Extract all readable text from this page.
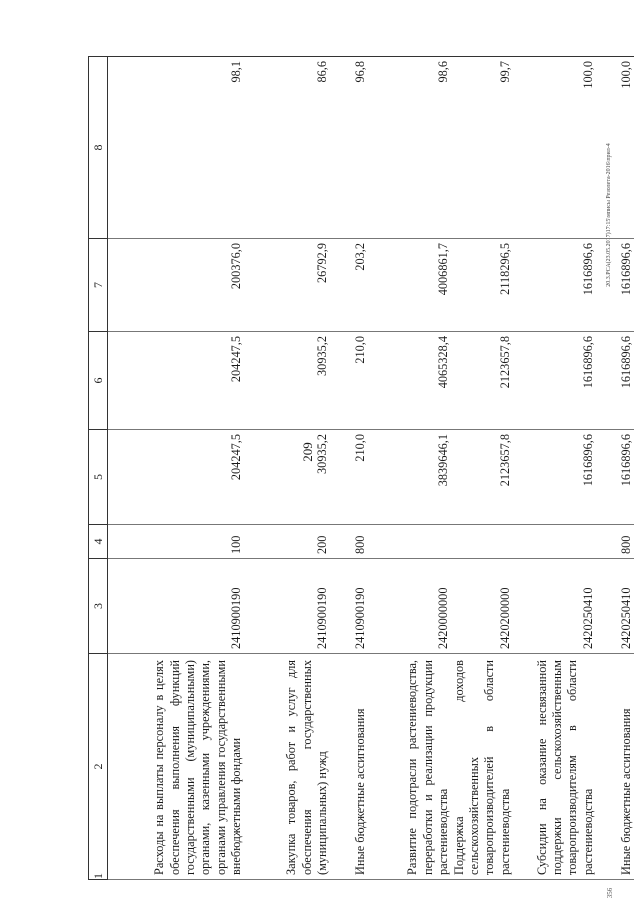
209
20.3.РСА(23.05.2017)17:15\мписы Резолета-2016\прил-4
356
1	2	3	4	5	6	7	8
	Расходы на выплаты персоналу в целях обеспечения выполнения функций государственными (муниципальными) органами, казенными учреждениями, органами управления государственными внебюджетными фондами	2410900190	100	204247,5	204247,5	200376,0	98,1
	Закупка товаров, работ и услуг для обеспечения государственных (муниципальных) нужд	2410900190	200	30935,2	30935,2	26792,9	86,6
	Иные бюджетные ассигнования	2410900190	800	210,0	210,0	203,2	96,8
	Развитие подотрасли растениеводства, переработки и реализации продукции растениеводства	2420000000		3839646,1	4065328,4	4006861,7	98,6
	Поддержка доходов сельскохозяйственных товаропроизводителей в области растениеводства	2420200000		2123657,8	2123657,8	2118296,5	99,7
	Субсидии на оказание несвязанной поддержки сельскохозяйственным товаропроизводителям в области растениеводства	2420250410		1616896,6	1616896,6	1616896,6	100,0
	Иные бюджетные ассигнования	2420250410	800	1616896,6	1616896,6	1616896,6	100,0
